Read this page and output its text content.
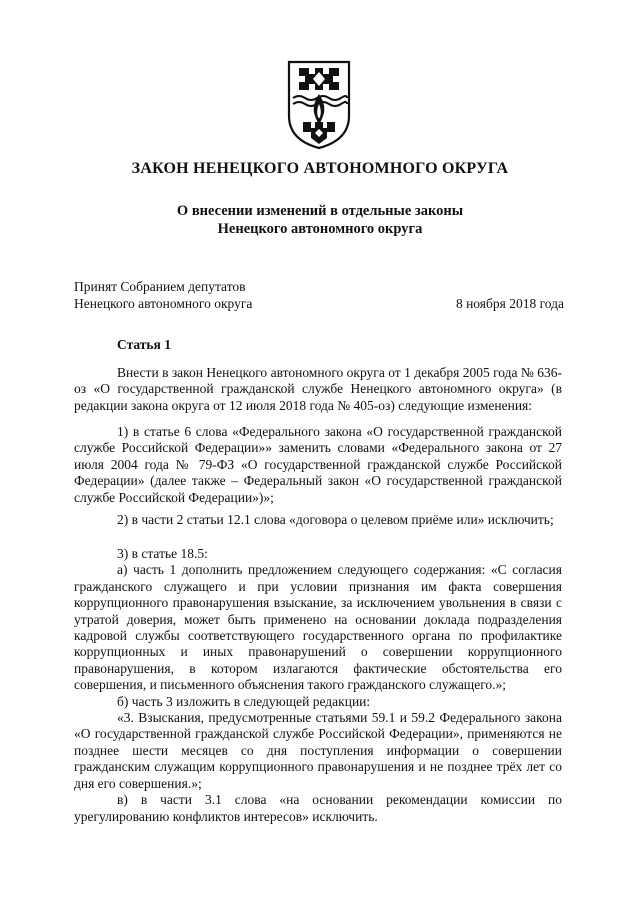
ЗАКОН НЕНЕЦКОГО АВТОНОМНОГО ОКРУГА
О внесении изменений в отдельные законы
Ненецкого автономного округа
Принят Собранием депутатов
Ненецкого автономного округа	8 ноября 2018 года
Статья 1

Внести в закон Ненецкого автономного округа от 1 декабря 2005 года № 636-оз «О государственной гражданской службе Ненецкого автономного округа» (в редакции закона округа от 12 июля 2018 года № 405-оз) следующие изменения:

1) в статье 6 слова «Федерального закона «О государственной гражданской службе Российской Федерации»» заменить словами «Федерального закона от 27 июля 2004 года № 79-ФЗ «О государственной гражданской службе Российской Федерации» (далее также – Федеральный закон «О государственной гражданской службе Российской Федерации»)»;

2) в части 2 статьи 12.1 слова «договора о целевом приёме или» исключить;

3) в статье 18.5:

а) часть 1 дополнить предложением следующего содержания: «С согласия гражданского служащего и при условии признания им факта совершения коррупционного правонарушения взыскание, за исключением увольнения в связи с утратой доверия, может быть применено на основании доклада подразделения кадровой службы соответствующего государственного органа по профилактике коррупционных и иных правонарушений о совершении коррупционного правонарушения, в котором излагаются фактические обстоятельства его совершения, и письменного объяснения такого гражданского служащего.»;

б) часть 3 изложить в следующей редакции:

«3. Взыскания, предусмотренные статьями 59.1 и 59.2 Федерального закона «О государственной гражданской службе Российской Федерации», применяются не позднее шести месяцев со дня поступления информации о совершении гражданским служащим коррупционного правонарушения и не позднее трёх лет со дня его совершения.»;

в) в части 3.1 слова «на основании рекомендации комиссии по урегулированию конфликтов интересов» исключить.
